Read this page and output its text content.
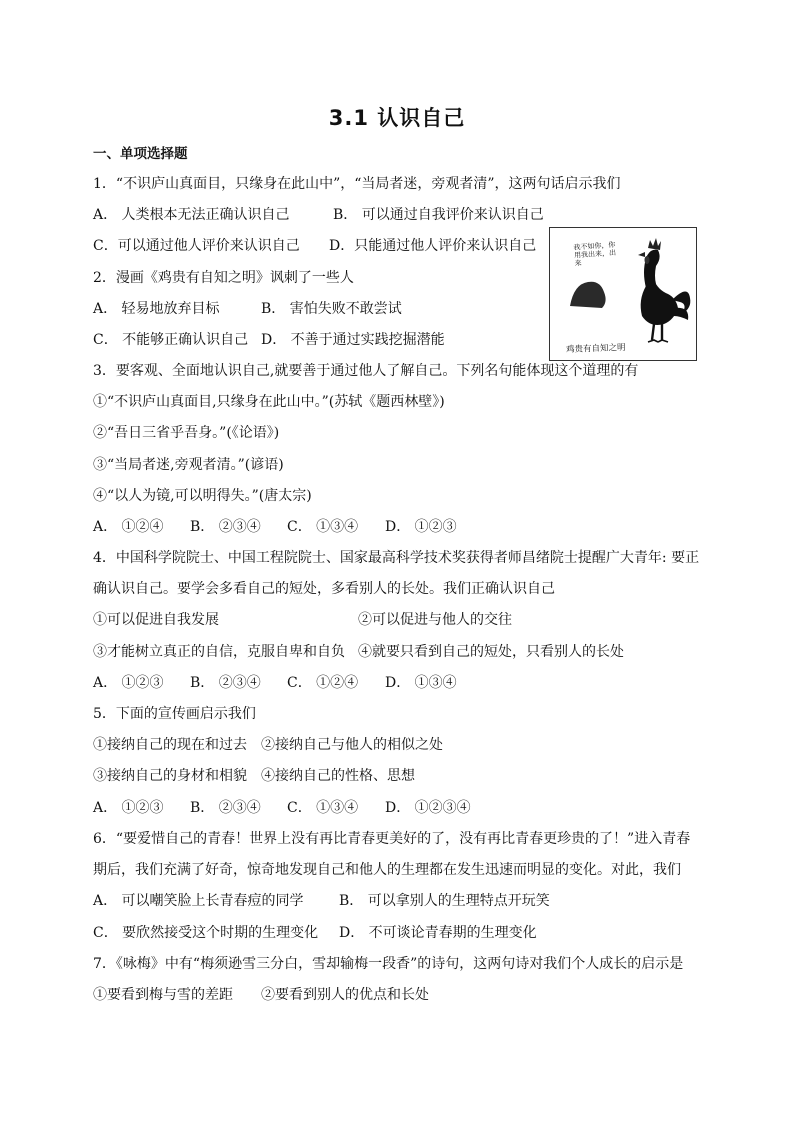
3.1 认识自己
一、单项选择题
1．“不识庐山真面目，只缘身在此山中”，“当局者迷，旁观者清”，这两句话启示我们
A． 人类根本无法正确认识自己	B． 可以通过自我评价来认识自己
C．可以通过他人评价来认识自己 D．只能通过他人评价来认识自己
2．漫画《鸡贵有自知之明》讽刺了一些人
A． 轻易地放弃目标	B． 害怕失败不敢尝试
C． 不能够正确认识自己 D． 不善于通过实践挖掘潜能
我不如你，你用我出来，出来
鸡贵有自知之明
3．要客观、全面地认识自己,就要善于通过他人了解自己。下列名句能体现这个道理的有
①“不识庐山真面目,只缘身在此山中。”(苏轼《题西林壁》)
②“吾日三省乎吾身。”(《论语》)
③“当局者迷,旁观者清。”(谚语)
④“以人为镜,可以明得失。”(唐太宗)
A． ①②④ B． ②③④ C． ①③④ D． ①②③
4．中国科学院院士、中国工程院院士、国家最高科学技术奖获得者师昌绪院士提醒广大青年: 要正
确认识自己。要学会多看自己的短处，多看别人的长处。我们正确认识自己
①可以促进自我发展	②可以促进与他人的交往
③才能树立真正的自信，克服自卑和自负 ④就要只看到自己的短处，只看别人的长处
A． ①②③ B． ②③④ C． ①②④ D． ①③④
5．下面的宣传画启示我们
①接纳自己的现在和过去 ②接纳自己与他人的相似之处
③接纳自己的身材和相貌 ④接纳自己的性格、思想
A． ①②③ B． ②③④ C． ①③④ D． ①②③④
6．“要爱惜自己的青春！世界上没有再比青春更美好的了，没有再比青春更珍贵的了！”进入青春
期后，我们充满了好奇，惊奇地发现自己和他人的生理都在发生迅速而明显的变化。对此，我们
A． 可以嘲笑脸上长青春痘的同学	B． 可以拿别人的生理特点开玩笑
C． 要欣然接受这个时期的生理变化 D． 不可谈论青春期的生理变化
7．《咏梅》中有“梅须逊雪三分白，雪却输梅一段香”的诗句，这两句诗对我们个人成长的启示是
①要看到梅与雪的差距 ②要看到别人的优点和长处
